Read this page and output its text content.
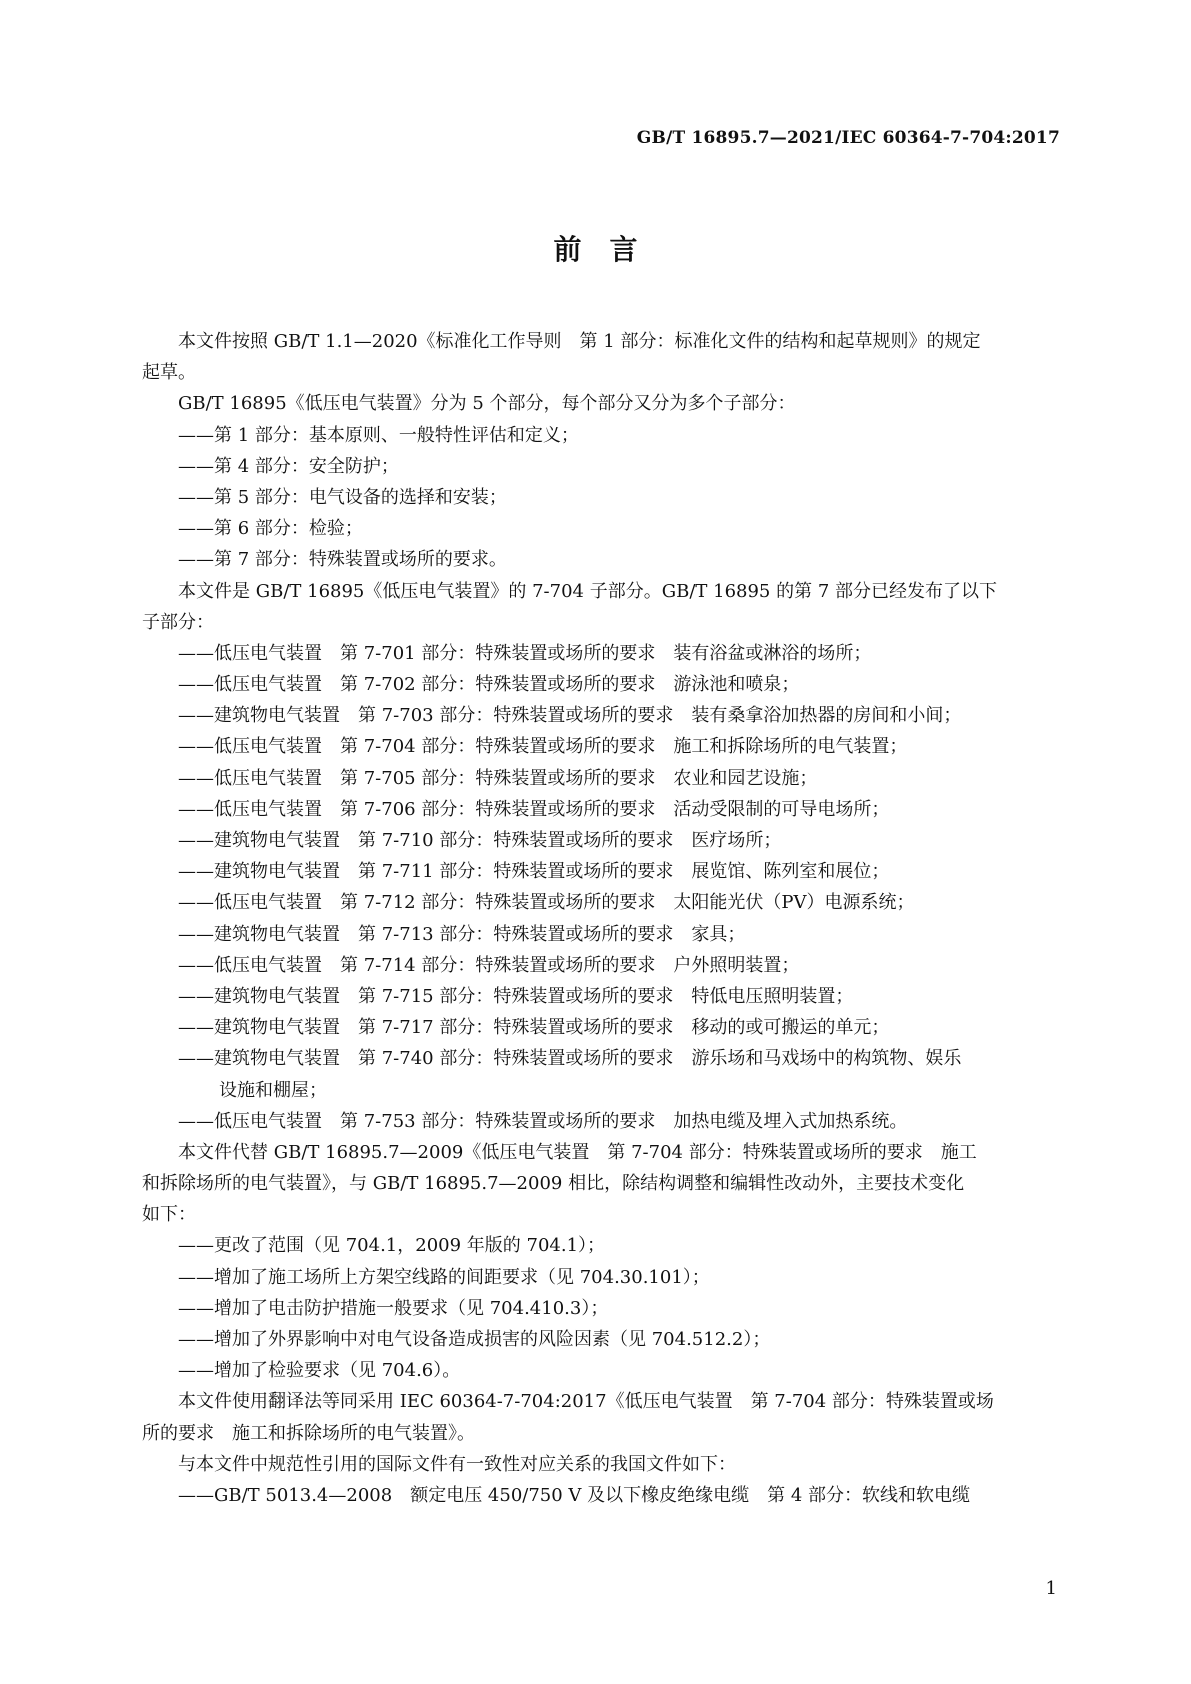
GB/T 16895.7—2021/IEC 60364-7-704:2017
前言
本文件按照 GB/T 1.1—2020《标准化工作导则　第 1 部分：标准化文件的结构和起草规则》的规定
起草。
GB/T 16895《低压电气装置》分为 5 个部分，每个部分又分为多个子部分：
——第 1 部分：基本原则、一般特性评估和定义；
——第 4 部分：安全防护；
——第 5 部分：电气设备的选择和安装；
——第 6 部分：检验；
——第 7 部分：特殊装置或场所的要求。
本文件是 GB/T 16895《低压电气装置》的 7-704 子部分。GB/T 16895 的第 7 部分已经发布了以下
子部分：
——低压电气装置　第 7-701 部分：特殊装置或场所的要求　装有浴盆或淋浴的场所；
——低压电气装置　第 7-702 部分：特殊装置或场所的要求　游泳池和喷泉；
——建筑物电气装置　第 7-703 部分：特殊装置或场所的要求　装有桑拿浴加热器的房间和小间；
——低压电气装置　第 7-704 部分：特殊装置或场所的要求　施工和拆除场所的电气装置；
——低压电气装置　第 7-705 部分：特殊装置或场所的要求　农业和园艺设施；
——低压电气装置　第 7-706 部分：特殊装置或场所的要求　活动受限制的可导电场所；
——建筑物电气装置　第 7-710 部分：特殊装置或场所的要求　医疗场所；
——建筑物电气装置　第 7-711 部分：特殊装置或场所的要求　展览馆、陈列室和展位；
——低压电气装置　第 7-712 部分：特殊装置或场所的要求　太阳能光伏（PV）电源系统；
——建筑物电气装置　第 7-713 部分：特殊装置或场所的要求　家具；
——低压电气装置　第 7-714 部分：特殊装置或场所的要求　户外照明装置；
——建筑物电气装置　第 7-715 部分：特殊装置或场所的要求　特低电压照明装置；
——建筑物电气装置　第 7-717 部分：特殊装置或场所的要求　移动的或可搬运的单元；
——建筑物电气装置　第 7-740 部分：特殊装置或场所的要求　游乐场和马戏场中的构筑物、娱乐
设施和棚屋；
——低压电气装置　第 7-753 部分：特殊装置或场所的要求　加热电缆及埋入式加热系统。
本文件代替 GB/T 16895.7—2009《低压电气装置　第 7-704 部分：特殊装置或场所的要求　施工
和拆除场所的电气装置》，与 GB/T 16895.7—2009 相比，除结构调整和编辑性改动外，主要技术变化
如下：
——更改了范围（见 704.1，2009 年版的 704.1）；
——增加了施工场所上方架空线路的间距要求（见 704.30.101）；
——增加了电击防护措施一般要求（见 704.410.3）；
——增加了外界影响中对电气设备造成损害的风险因素（见 704.512.2）；
——增加了检验要求（见 704.6）。
本文件使用翻译法等同采用 IEC 60364-7-704:2017《低压电气装置　第 7-704 部分：特殊装置或场
所的要求　施工和拆除场所的电气装置》。
与本文件中规范性引用的国际文件有一致性对应关系的我国文件如下：
——GB/T 5013.4—2008　额定电压 450/750 V 及以下橡皮绝缘电缆　第 4 部分：软线和软电缆
1
